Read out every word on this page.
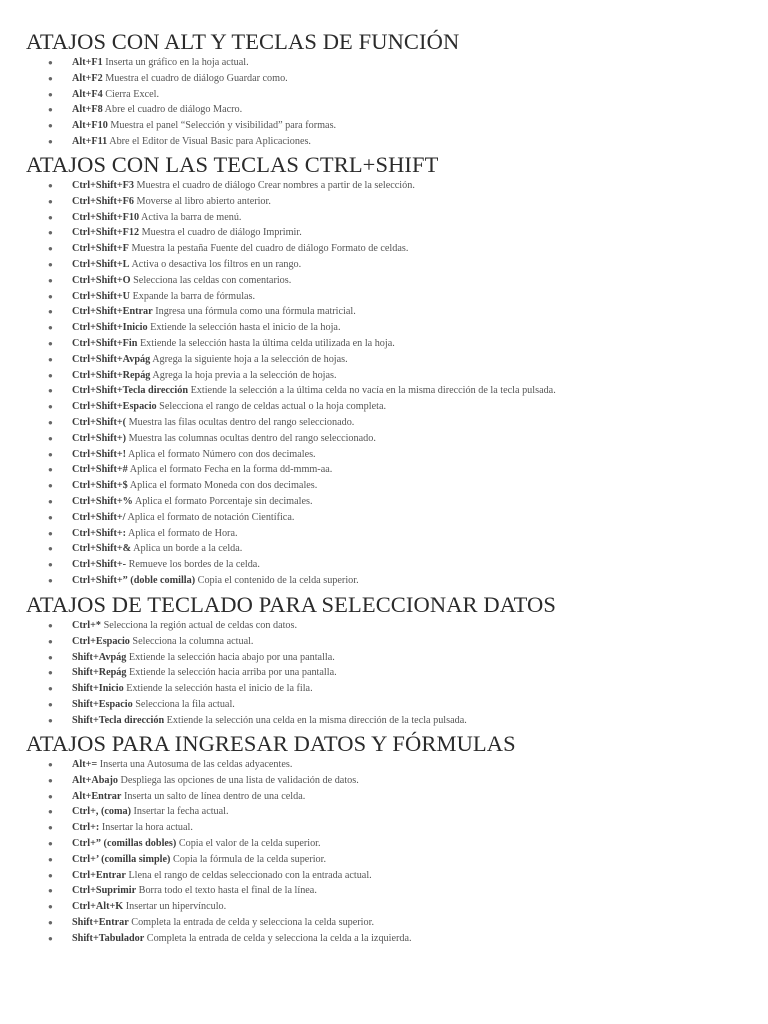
ATAJOS CON ALT Y TECLAS DE FUNCIÓN
● Alt+F1 Inserta un gráfico en la hoja actual.
● Alt+F2 Muestra el cuadro de diálogo Guardar como.
● Alt+F4 Cierra Excel.
● Alt+F8 Abre el cuadro de diálogo Macro.
● Alt+F10 Muestra el panel “Selección y visibilidad” para formas.
● Alt+F11 Abre el Editor de Visual Basic para Aplicaciones.
ATAJOS CON LAS TECLAS CTRL+SHIFT
● Ctrl+Shift+F3 Muestra el cuadro de diálogo Crear nombres a partir de la selección.
● Ctrl+Shift+F6 Moverse al libro abierto anterior.
● Ctrl+Shift+F10 Activa la barra de menú.
● Ctrl+Shift+F12 Muestra el cuadro de diálogo Imprimir.
● Ctrl+Shift+F Muestra la pestaña Fuente del cuadro de diálogo Formato de celdas.
● Ctrl+Shift+L Activa o desactiva los filtros en un rango.
● Ctrl+Shift+O Selecciona las celdas con comentarios.
● Ctrl+Shift+U Expande la barra de fórmulas.
● Ctrl+Shift+Entrar Ingresa una fórmula como una fórmula matricial.
● Ctrl+Shift+Inicio Extiende la selección hasta el inicio de la hoja.
● Ctrl+Shift+Fin Extiende la selección hasta la última celda utilizada en la hoja.
● Ctrl+Shift+Avpág Agrega la siguiente hoja a la selección de hojas.
● Ctrl+Shift+Repág Agrega la hoja previa a la selección de hojas.
● Ctrl+Shift+Tecla dirección Extiende la selección a la última celda no vacía en la misma dirección de la tecla pulsada.
● Ctrl+Shift+Espacio Selecciona el rango de celdas actual o la hoja completa.
● Ctrl+Shift+( Muestra las filas ocultas dentro del rango seleccionado.
● Ctrl+Shift+) Muestra las columnas ocultas dentro del rango seleccionado.
● Ctrl+Shift+! Aplica el formato Número con dos decimales.
● Ctrl+Shift+# Aplica el formato Fecha en la forma dd-mmm-aa.
● Ctrl+Shift+$ Aplica el formato Moneda con dos decimales.
● Ctrl+Shift+% Aplica el formato Porcentaje sin decimales.
● Ctrl+Shift+/ Aplica el formato de notación Científica.
● Ctrl+Shift+: Aplica el formato de Hora.
● Ctrl+Shift+& Aplica un borde a la celda.
● Ctrl+Shift+- Remueve los bordes de la celda.
● Ctrl+Shift+” (doble comilla) Copia el contenido de la celda superior.
ATAJOS DE TECLADO PARA SELECCIONAR DATOS
● Ctrl+* Selecciona la región actual de celdas con datos.
● Ctrl+Espacio Selecciona la columna actual.
● Shift+Avpág Extiende la selección hacia abajo por una pantalla.
● Shift+Repág Extiende la selección hacia arriba por una pantalla.
● Shift+Inicio Extiende la selección hasta el inicio de la fila.
● Shift+Espacio Selecciona la fila actual.
● Shift+Tecla dirección Extiende la selección una celda en la misma dirección de la tecla pulsada.
ATAJOS PARA INGRESAR DATOS Y FÓRMULAS
● Alt+= Inserta una Autosuma de las celdas adyacentes.
● Alt+Abajo Despliega las opciones de una lista de validación de datos.
● Alt+Entrar Inserta un salto de línea dentro de una celda.
● Ctrl+, (coma) Insertar la fecha actual.
● Ctrl+: Insertar la hora actual.
● Ctrl+” (comillas dobles) Copia el valor de la celda superior.
● Ctrl+’ (comilla simple) Copia la fórmula de la celda superior.
● Ctrl+Entrar Llena el rango de celdas seleccionado con la entrada actual.
● Ctrl+Suprimir Borra todo el texto hasta el final de la línea.
● Ctrl+Alt+K Insertar un hipervínculo.
● Shift+Entrar Completa la entrada de celda y selecciona la celda superior.
● Shift+Tabulador Completa la entrada de celda y selecciona la celda a la izquierda.
